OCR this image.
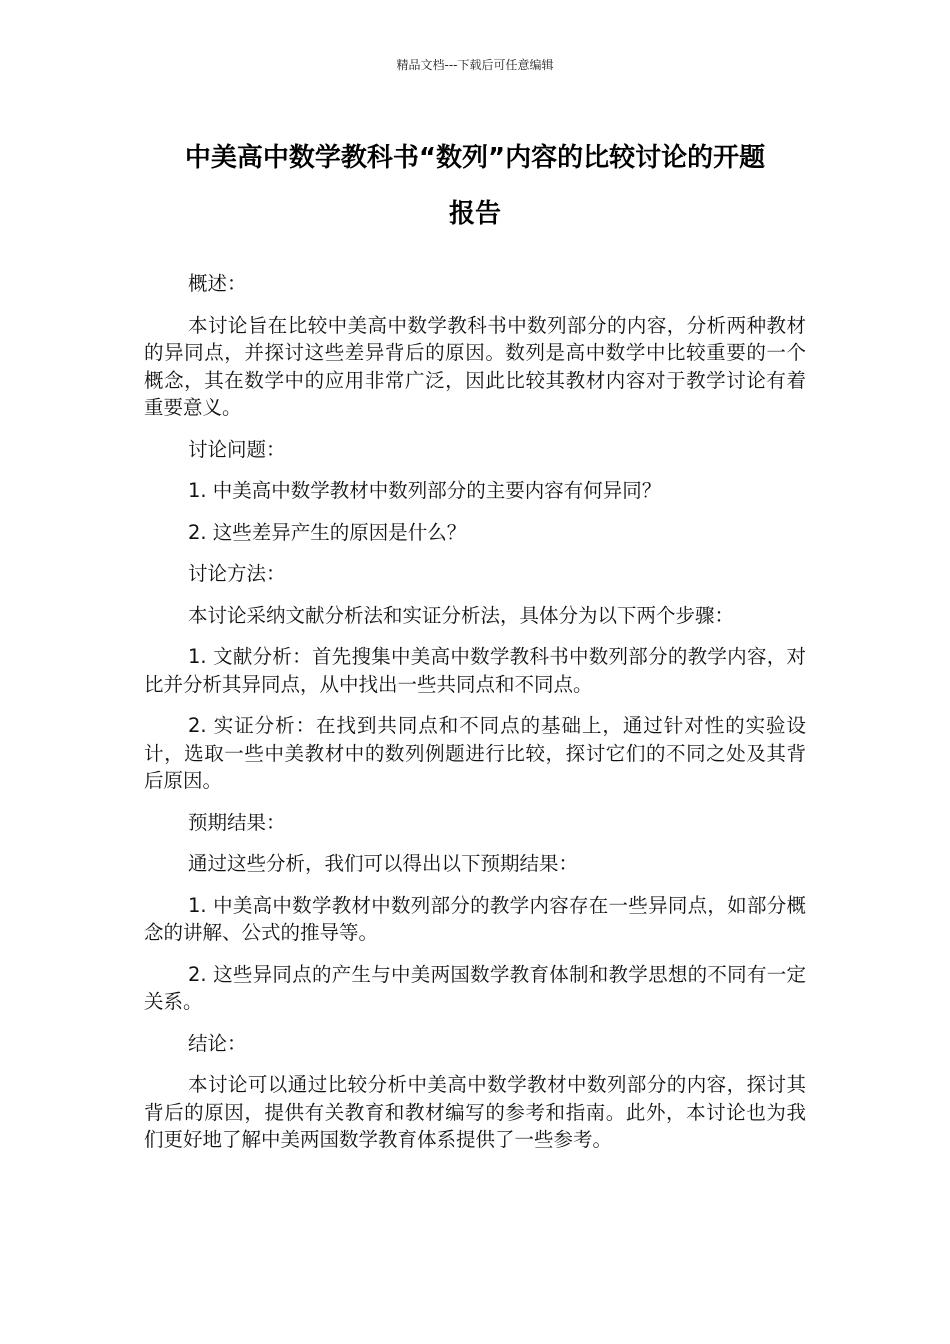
精品文档---下载后可任意编辑
中美高中数学教科书“数列”内容的比较讨论的开题
报告

概述：

本讨论旨在比较中美高中数学教科书中数列部分的内容，分析两种教材的异同点，并探讨这些差异背后的原因。数列是高中数学中比较重要的一个概念，其在数学中的应用非常广泛，因此比较其教材内容对于教学讨论有着重要意义。

讨论问题：

1. 中美高中数学教材中数列部分的主要内容有何异同？

2. 这些差异产生的原因是什么？

讨论方法：

本讨论采纳文献分析法和实证分析法，具体分为以下两个步骤：

1. 文献分析：首先搜集中美高中数学教科书中数列部分的教学内容，对比并分析其异同点，从中找出一些共同点和不同点。

2. 实证分析：在找到共同点和不同点的基础上，通过针对性的实验设计，选取一些中美教材中的数列例题进行比较，探讨它们的不同之处及其背后原因。

预期结果：

通过这些分析，我们可以得出以下预期结果：

1. 中美高中数学教材中数列部分的教学内容存在一些异同点，如部分概念的讲解、公式的推导等。

2. 这些异同点的产生与中美两国数学教育体制和教学思想的不同有一定关系。

结论：

本讨论可以通过比较分析中美高中数学教材中数列部分的内容，探讨其背后的原因，提供有关教育和教材编写的参考和指南。此外，本讨论也为我们更好地了解中美两国数学教育体系提供了一些参考。
